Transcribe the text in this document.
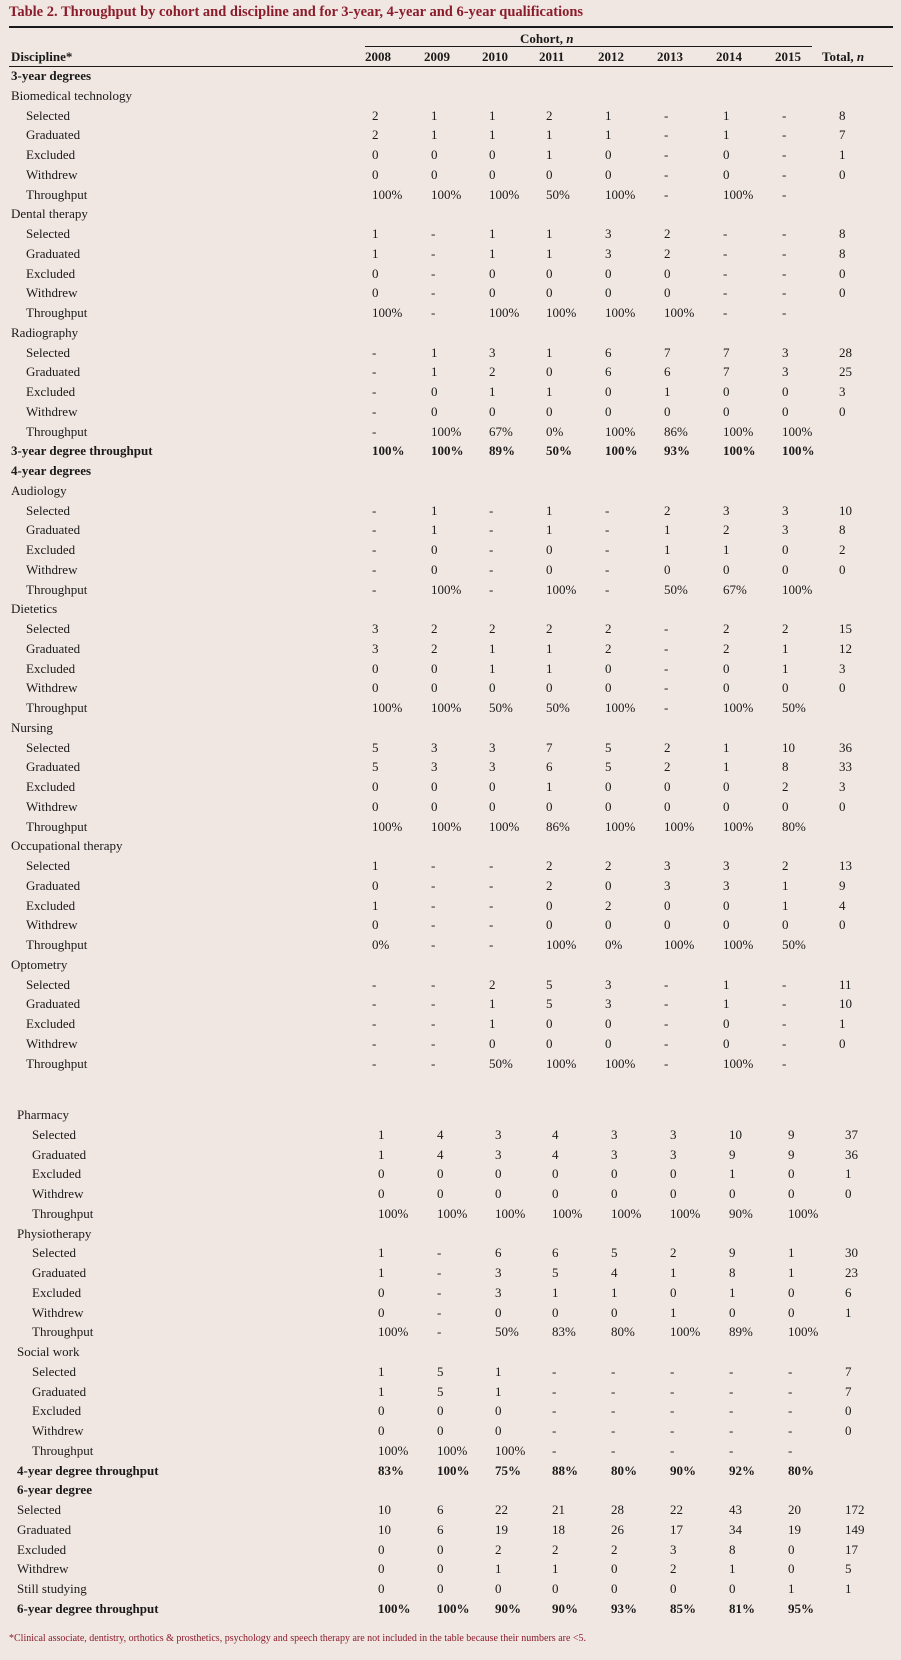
Table 2. Throughput by cohort and discipline and for 3-year, 4-year and 6-year qualifications
Cohort, n
Discipline*	2008	2009 2010 2011	2012	2013	2014	2015 Total, n
3-year degrees
Biomedical technology
Selected	2	1	1	2	1	-	1	-	8
Graduated	2	1	1	1	1	-	1	-	7
Excluded	0	0	0	1	0	-	0	-	1
Withdrew	0	0	0	0	0	-	0	-	0
Throughput	100% 100% 100% 50%	100% -	100% -
Dental therapy
Selected	1	-	1	1	3	2	-	-	8
Graduated	1	-	1	1	3	2	-	-	8
Excluded	0	-	0	0	0	0	-	-	0
Withdrew	0	-	0	0	0	0	-	-	0
Throughput	100% -	100% 100% 100% 100% -	-
Radiography
Selected	-	1	3	1	6	7	7	3	28
Graduated	-	1	2	0	6	6	7	3	25
Excluded	-	0	1	1	0	1	0	0	3
Withdrew	-	0	0	0	0	0	0	0	0
Throughput	-	100% 67%	0%	100% 86%	100% 100%
3-year degree throughput	100% 100% 89% 50%	100% 93%	100% 100%
4-year degrees
Audiology
Selected	-	1	-	1	-	2	3	3	10
Graduated	-	1	-	1	-	1	2	3	8
Excluded	-	0	-	0	-	1	1	0	2
Withdrew	-	0	-	0	-	0	0	0	0
Throughput	-	100% -	100% -	50%	67%	100%
Dietetics
Selected	3	2	2	2	2	-	2	2	15
Graduated	3	2	1	1	2	-	2	1	12
Excluded	0	0	1	1	0	-	0	1	3
Withdrew	0	0	0	0	0	-	0	0	0
Throughput	100% 100% 50%	50%	100% -	100% 50%
Nursing
Selected	5	3	3	7	5	2	1	10	36
Graduated	5	3	3	6	5	2	1	8	33
Excluded	0	0	0	1	0	0	0	2	3
Withdrew	0	0	0	0	0	0	0	0	0
Throughput	100% 100% 100% 86%	100% 100% 100% 80%
Occupational therapy
Selected	1	-	-	2	2	3	3	2	13
Graduated	0	-	-	2	0	3	3	1	9
Excluded	1	-	-	0	2	0	0	1	4
Withdrew	0	-	-	0	0	0	0	0	0
Throughput	0%	-	-	100% 0%	100% 100% 50%
Optometry
Selected	-	-	2	5	3	-	1	-	11
Graduated	-	-	1	5	3	-	1	-	10
Excluded	-	-	1	0	0	-	0	-	1
Withdrew	-	-	0	0	0	-	0	-	0
Throughput	-	-	50%	100% 100% -	100% -
Pharmacy
Selected	1	4	3	4	3	3	10	9	37
Graduated	1	4	3	4	3	3	9	9	36
Excluded	0	0	0	0	0	0	1	0	1
Withdrew	0	0	0	0	0	0	0	0	0
Throughput	100% 100% 100% 100% 100% 100% 90%	100%
Physiotherapy
Selected	1	-	6	6	5	2	9	1	30
Graduated	1	-	3	5	4	1	8	1	23
Excluded	0	-	3	1	1	0	1	0	6
Withdrew	0	-	0	0	0	1	0	0	1
Throughput	100% -	50%	83%	80%	100% 89%	100%
Social work
Selected	1	5	1	-	-	-	-	-	7
Graduated	1	5	1	-	-	-	-	-	7
Excluded	0	0	0	-	-	-	-	-	0
Withdrew	0	0	0	-	-	-	-	-	0
Throughput	100% 100% 100% -	-	-	-	-
4-year degree throughput	83%	100% 75% 88%	80%	90%	92%	80%
6-year degree
Selected	10	6	22	21	28	22	43	20	172
Graduated	10	6	19	18	26	17	34	19	149
Excluded	0	0	2	2	2	3	8	0	17
Withdrew	0	0	1	1	0	2	1	0	5
Still studying	0	0	0	0	0	0	0	1	1
6-year degree throughput	100% 100% 90% 90%	93%	85%	81%	95%
*Clinical associate, dentistry, orthotics & prosthetics, psychology and speech therapy are not included in the table because their numbers are <5.
